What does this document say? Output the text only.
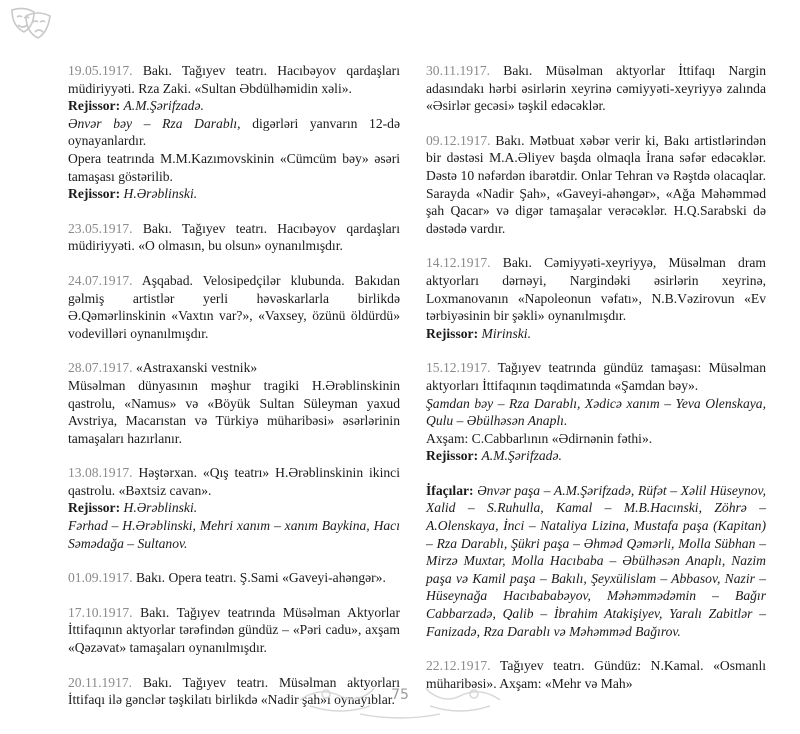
19.05.1917. Bakı. Tağıyev teatrı. Hacıbəyov qardaşları müdiriyyəti. Rza Zaki. «Sultan Əbdülhəmidin xəli».
Rejissor: A.M.Şərifzadə.
Ənvər bəy – Rza Darablı, digərləri yanvarın 12-də oynayanlardır.
Opera teatrında M.M.Kazımovskinin «Cümcüm bəy» əsəri tamaşası göstərilib.
Rejissor: H.Ərəblinski.
23.05.1917. Bakı. Tağıyev teatrı. Hacıbəyov qardaşları müdiriyyəti. «O olmasın, bu olsun» oynanılmışdır.
24.07.1917. Aşqabad. Velosipedçilər klubunda. Bakıdan gəlmiş artistlər yerli həvəskarlarla birlikdə Ə.Qəmərlinskinin «Vaxtın var?», «Vaxsey, özünü öldürdü» vodevilləri oynanılmışdır.
28.07.1917. «Astraxanski vestnik»
Müsəlman dünyasının məşhur tragiki H.Ərəblinskinin qastrolu, «Namus» və «Böyük Sultan Süleyman yaxud Avstriya, Macarıstan və Türkiyə müharibəsi» əsərlərinin tamaşaları hazırlanır.
13.08.1917. Həştərxan. «Qış teatrı» H.Ərəblinskinin ikinci qastrolu. «Bəxtsiz cavan».
Rejissor: H.Ərəblinski.
Fərhad – H.Ərəblinski, Mehri xanım – xanım Baykina, Hacı Səmədağa – Sultanov.
01.09.1917. Bakı. Opera teatrı. Ş.Sami «Gaveyi-ahəngər».
17.10.1917. Bakı. Tağıyev teatrında Müsəlman Aktyorlar İttifaqının aktyorlar tərəfindən gündüz – «Pəri cadu», axşam «Qəzəvat» tamaşaları oynanılmışdır.
20.11.1917. Bakı. Tağıyev teatrı. Müsəlman aktyorları İttifaqı ilə gənclər təşkilatı birlikdə «Nadir şah»ı oynayıblar.
30.11.1917. Bakı. Müsəlman aktyorlar İttifaqı Nargin adasındakı hərbi əsirlərin xeyrinə cəmiyyəti-xeyriyyə zalında «Əsirlər gecəsi» təşkil edəcəklər.
09.12.1917. Bakı. Mətbuat xəbər verir ki, Bakı artistlərindən bir dəstəsi M.A.Əliyev başda olmaqla İrana səfər edəcəklər. Dəstə 10 nəfərdən ibarətdir. Onlar Tehran və Rəştdə olacaqlar. Sarayda «Nadir Şah», «Gaveyi-ahəngər», «Ağa Məhəmməd şah Qacar» və digər tamaşalar verəcəklər. H.Q.Sarabski də dəstədə vardır.
14.12.1917. Bakı. Cəmiyyəti-xeyriyyə, Müsəlman dram aktyorları dərnəyi, Nargindəki əsirlərin xeyrinə, Loxmanovanın «Napoleonun vəfatı», N.B.Vəzirovun «Ev tərbiyəsinin bir şəkli» oynanılmışdır.
Rejissor: Mirinski.
15.12.1917. Tağıyev teatrında gündüz tamaşası: Müsəlman aktyorları İttifaqının təqdimatında «Şamdan bəy».
Şamdan bəy – Rza Darablı, Xədicə xanım – Yeva Olenskaya, Qulu – Əbülhəsən Anaplı.
Axşam: C.Cabbarlının «Ədirnənin fəthi».
Rejissor: A.M.Şərifzadə.
İfaçılar: Ənvər paşa – A.M.Şərifzadə, Rüfət – Xəlil Hüseynov, Xalid – S.Ruhulla, Kamal – M.B.Hacınski, Zöhrə – A.Olenskaya, İnci – Nataliya Lizina, Mustafa paşa (Kapitan) – Rza Darablı, Şükri paşa – Əhməd Qəmərli, Molla Sübhan – Mirzə Muxtar, Molla Hacıbaba – Əbülhəsən Anaplı, Nazim paşa və Kamil paşa – Bakılı, Şeyxülislam – Abbasov, Nazir – Hüseynağa Hacıbababəyov, Məhəmmədəmin – Bağır Cabbarzadə, Qalib – İbrahim Atakişiyev, Yaralı Zabitlər – Fanizadə, Rza Darablı və Məhəmməd Bağırov.
22.12.1917. Tağıyev teatrı. Gündüz: N.Kamal. «Osmanlı müharibəsi». Axşam: «Mehr və Mah»
75
